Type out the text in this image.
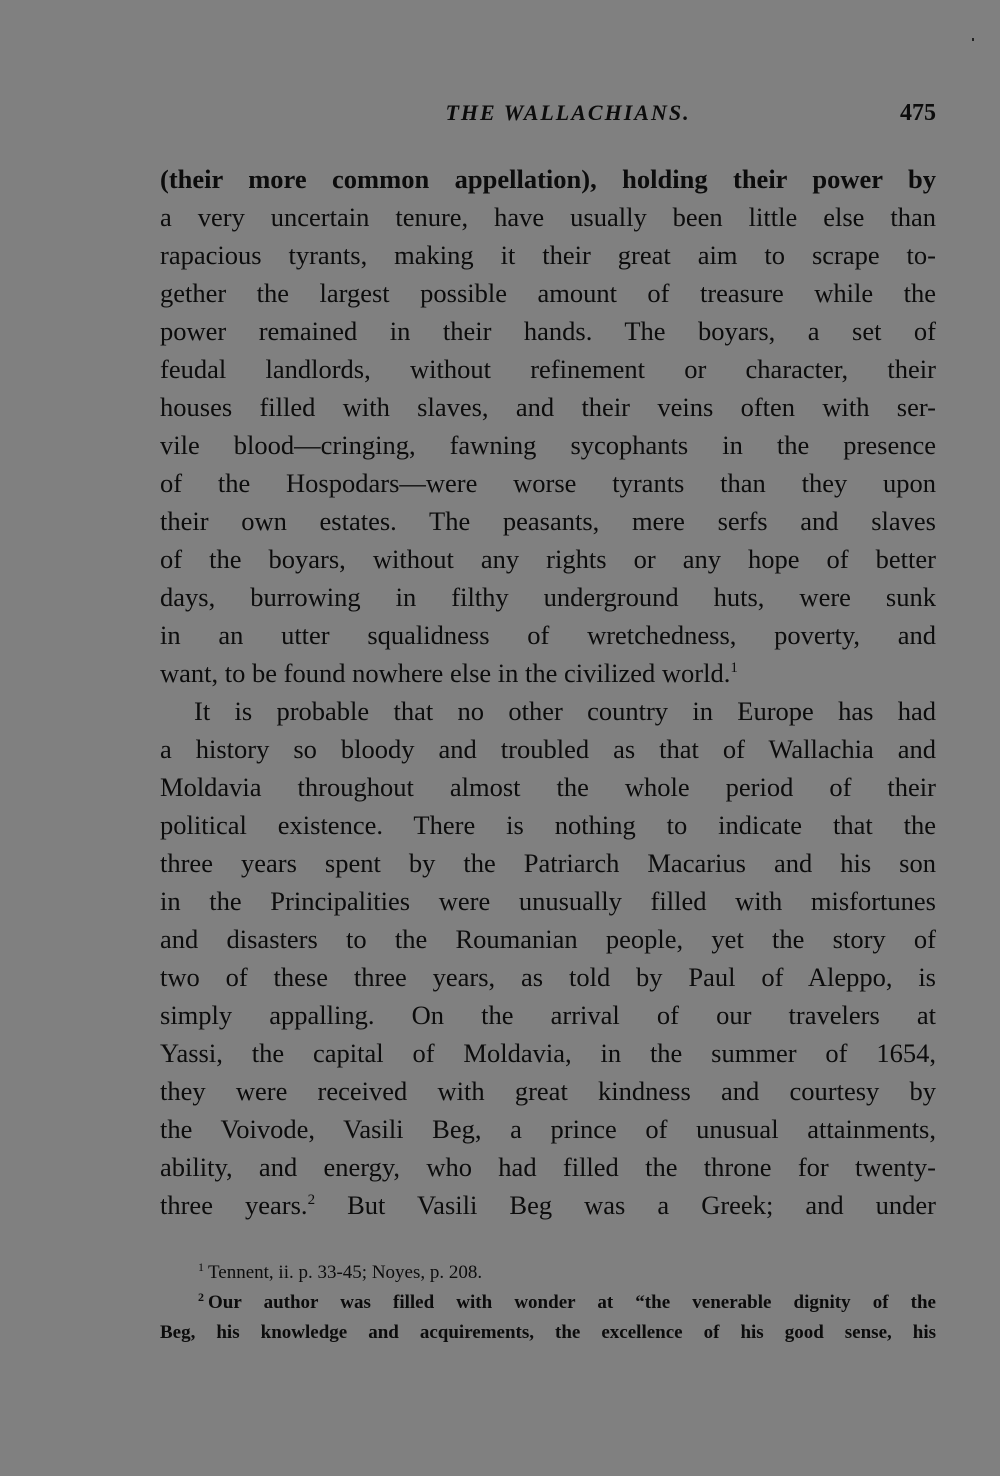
THE WALLACHIANS.	475
(their more common appellation), holding their power by
a very uncertain tenure, have usually been little else than
rapacious tyrants, making it their great aim to scrape to-
gether the largest possible amount of treasure while the
power remained in their hands. The boyars, a set of
feudal landlords, without refinement or character, their
houses filled with slaves, and their veins often with ser-
vile blood—cringing, fawning sycophants in the presence
of the Hospodars—were worse tyrants than they upon
their own estates. The peasants, mere serfs and slaves
of the boyars, without any rights or any hope of better
days, burrowing in filthy underground huts, were sunk
in an utter squalidness of wretchedness, poverty, and
want, to be found nowhere else in the civilized world.$^1$
It is probable that no other country in Europe has had
a history so bloody and troubled as that of Wallachia and
Moldavia throughout almost the whole period of their
political existence. There is nothing to indicate that the
three years spent by the Patriarch Macarius and his son
in the Principalities were unusually filled with misfortunes
and disasters to the Roumanian people, yet the story of
two of these three years, as told by Paul of Aleppo, is
simply appalling. On the arrival of our travelers at
Yassi, the capital of Moldavia, in the summer of 1654,
they were received with great kindness and courtesy by
the Voivode, Vasili Beg, a prince of unusual attainments,
ability, and energy, who had filled the throne for twenty-
three years.$^2$ But Vasili Beg was a Greek; and under
$^1$ Tennent, ii. p. 33-45; Noyes, p. 208.
$^2$ Our author was filled with wonder at “the venerable dignity of the
Beg, his knowledge and acquirements, the excellence of his good sense, his
